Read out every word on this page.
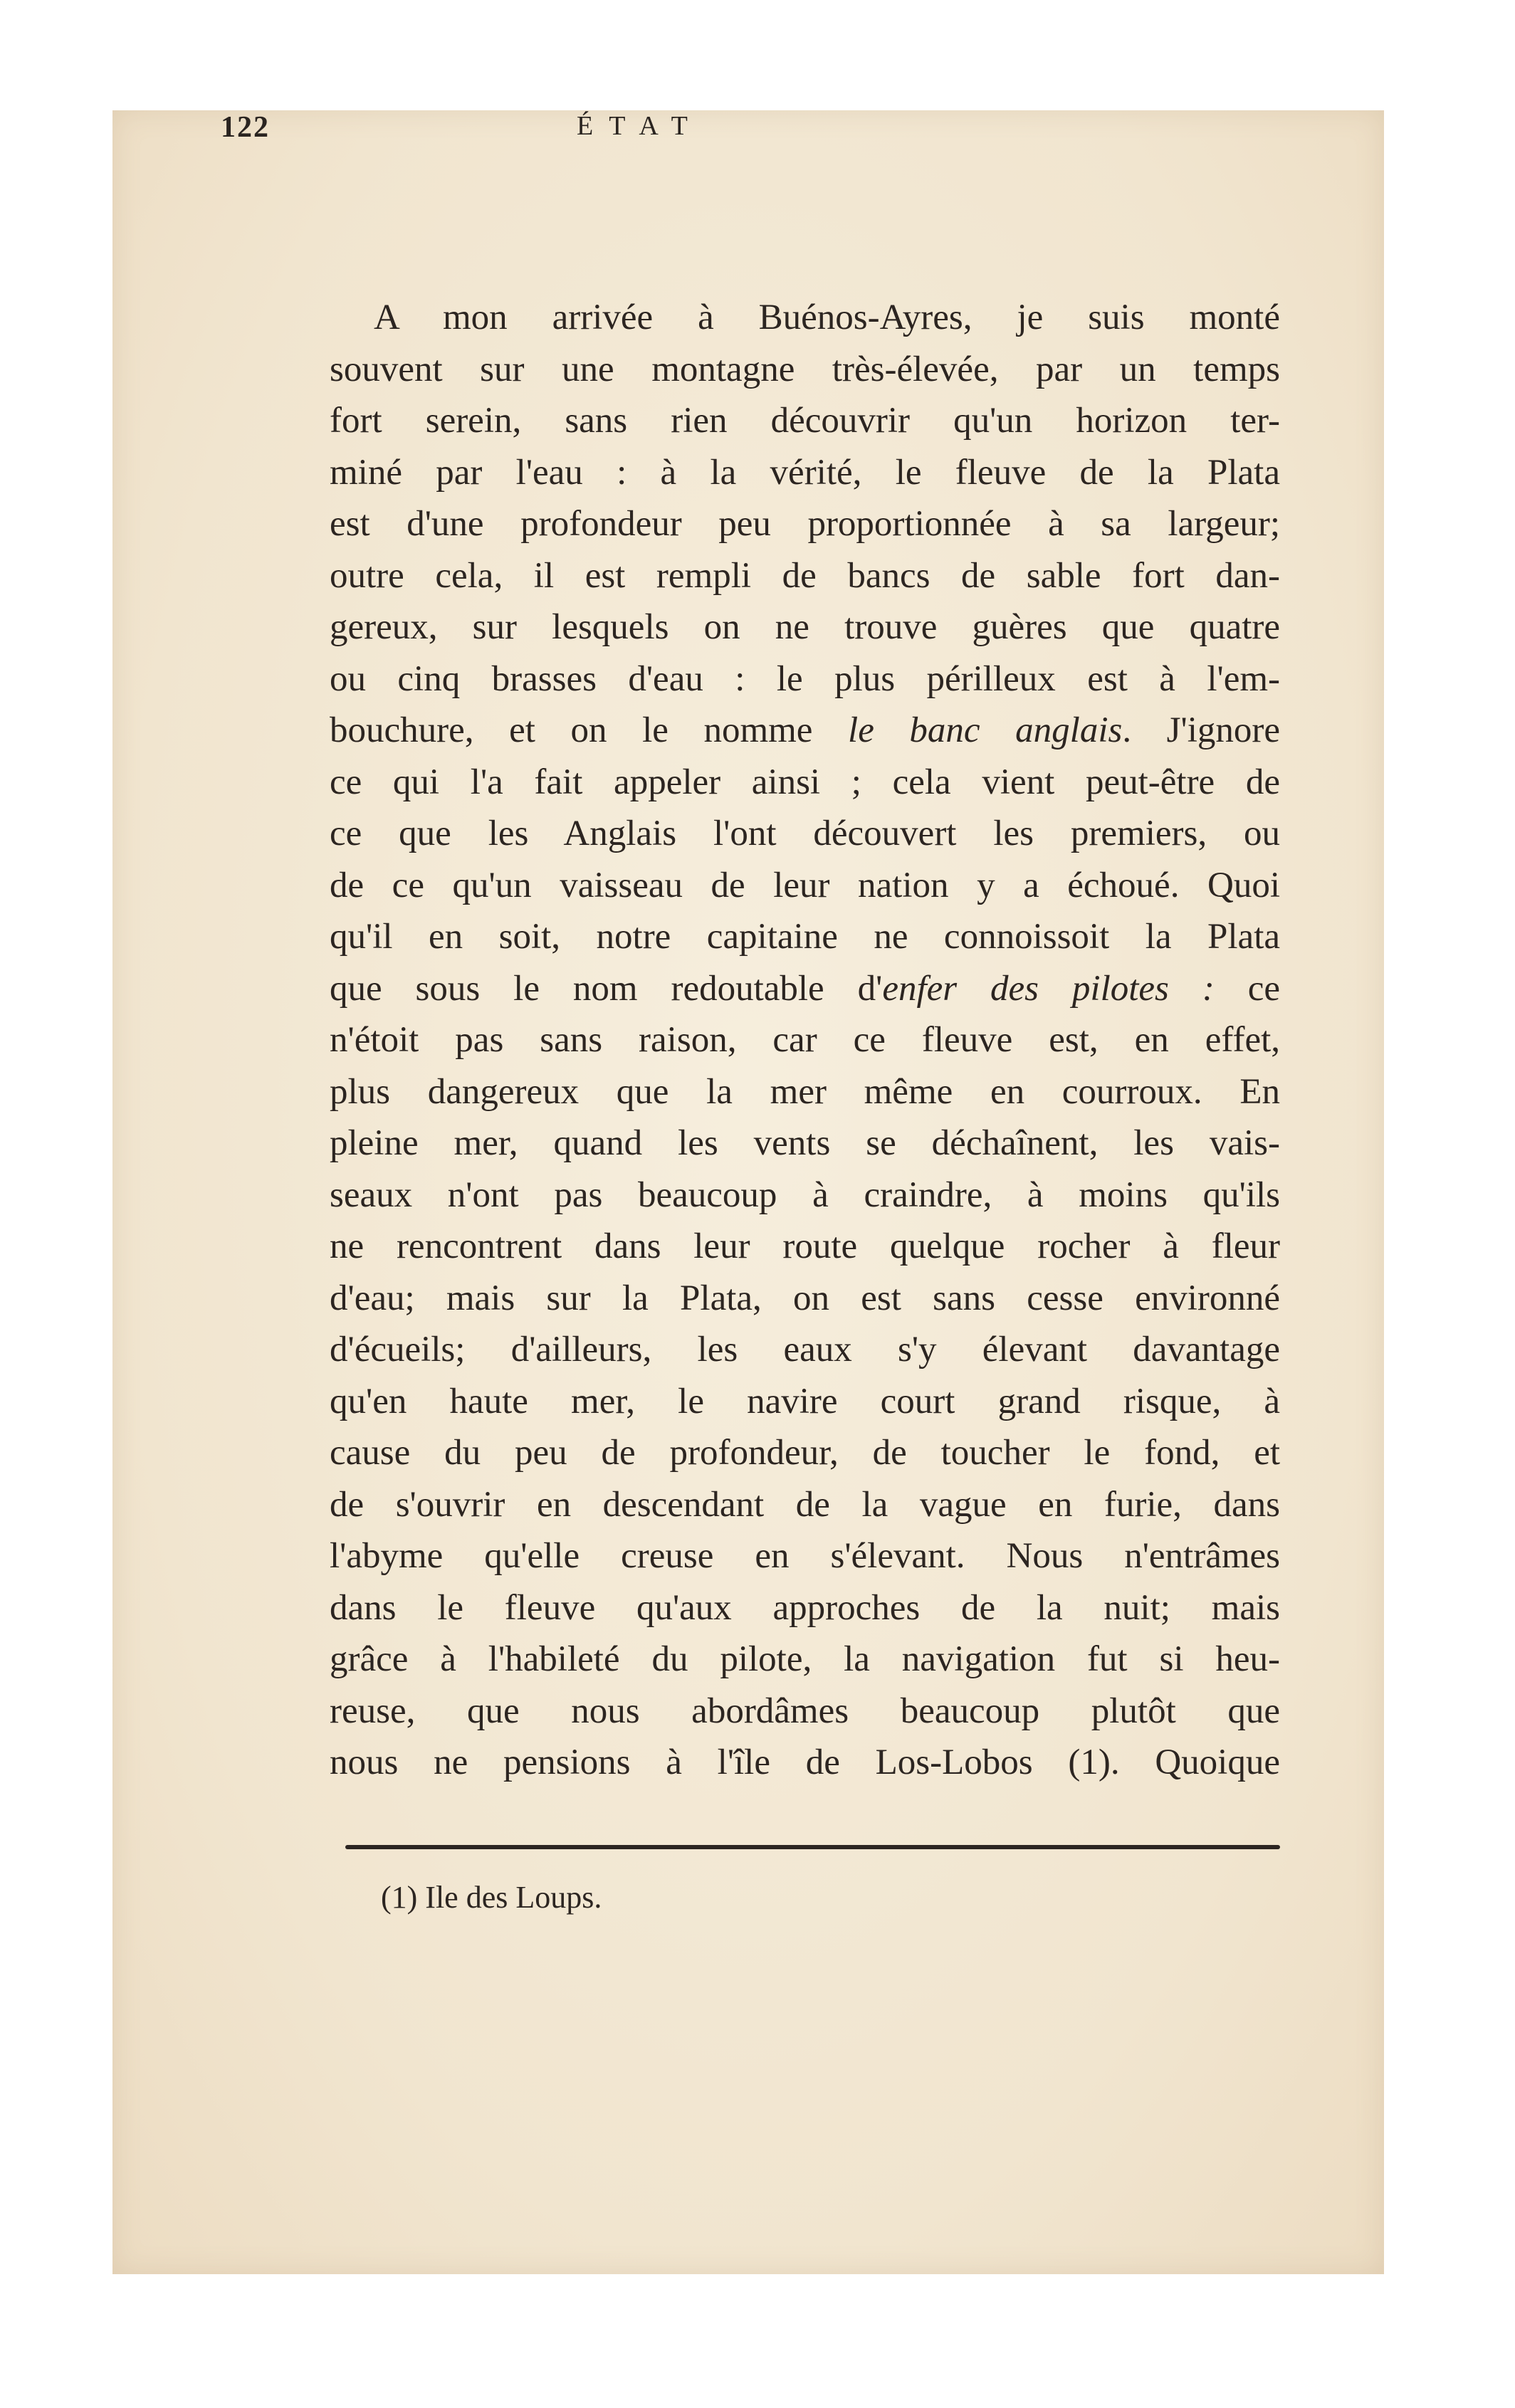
122	ÉTAT
A mon arrivée à Buénos-Ayres, je suis monté
souvent sur une montagne très-élevée, par un temps
fort serein, sans rien découvrir qu'un horizon ter-
miné par l'eau : à la vérité, le fleuve de la Plata
est d'une profondeur peu proportionnée à sa largeur;
outre cela, il est rempli de bancs de sable fort dan-
gereux, sur lesquels on ne trouve guères que quatre
ou cinq brasses d'eau : le plus périlleux est à l'em-
bouchure, et on le nomme le banc anglais. J'ignore
ce qui l'a fait appeler ainsi ; cela vient peut-être de
ce que les Anglais l'ont découvert les premiers, ou
de ce qu'un vaisseau de leur nation y a échoué. Quoi
qu'il en soit, notre capitaine ne connoissoit la Plata
que sous le nom redoutable d'enfer des pilotes : ce
n'étoit pas sans raison, car ce fleuve est, en effet,
plus dangereux que la mer même en courroux. En
pleine mer, quand les vents se déchaînent, les vais-
seaux n'ont pas beaucoup à craindre, à moins qu'ils
ne rencontrent dans leur route quelque rocher à fleur
d'eau; mais sur la Plata, on est sans cesse environné
d'écueils; d'ailleurs, les eaux s'y élevant davantage
qu'en haute mer, le navire court grand risque, à
cause du peu de profondeur, de toucher le fond, et
de s'ouvrir en descendant de la vague en furie, dans
l'abyme qu'elle creuse en s'élevant. Nous n'entrâmes
dans le fleuve qu'aux approches de la nuit; mais
grâce à l'habileté du pilote, la navigation fut si heu-
reuse, que nous abordâmes beaucoup plutôt que
nous ne pensions à l'île de Los-Lobos (1). Quoique
(1) Ile des Loups.
